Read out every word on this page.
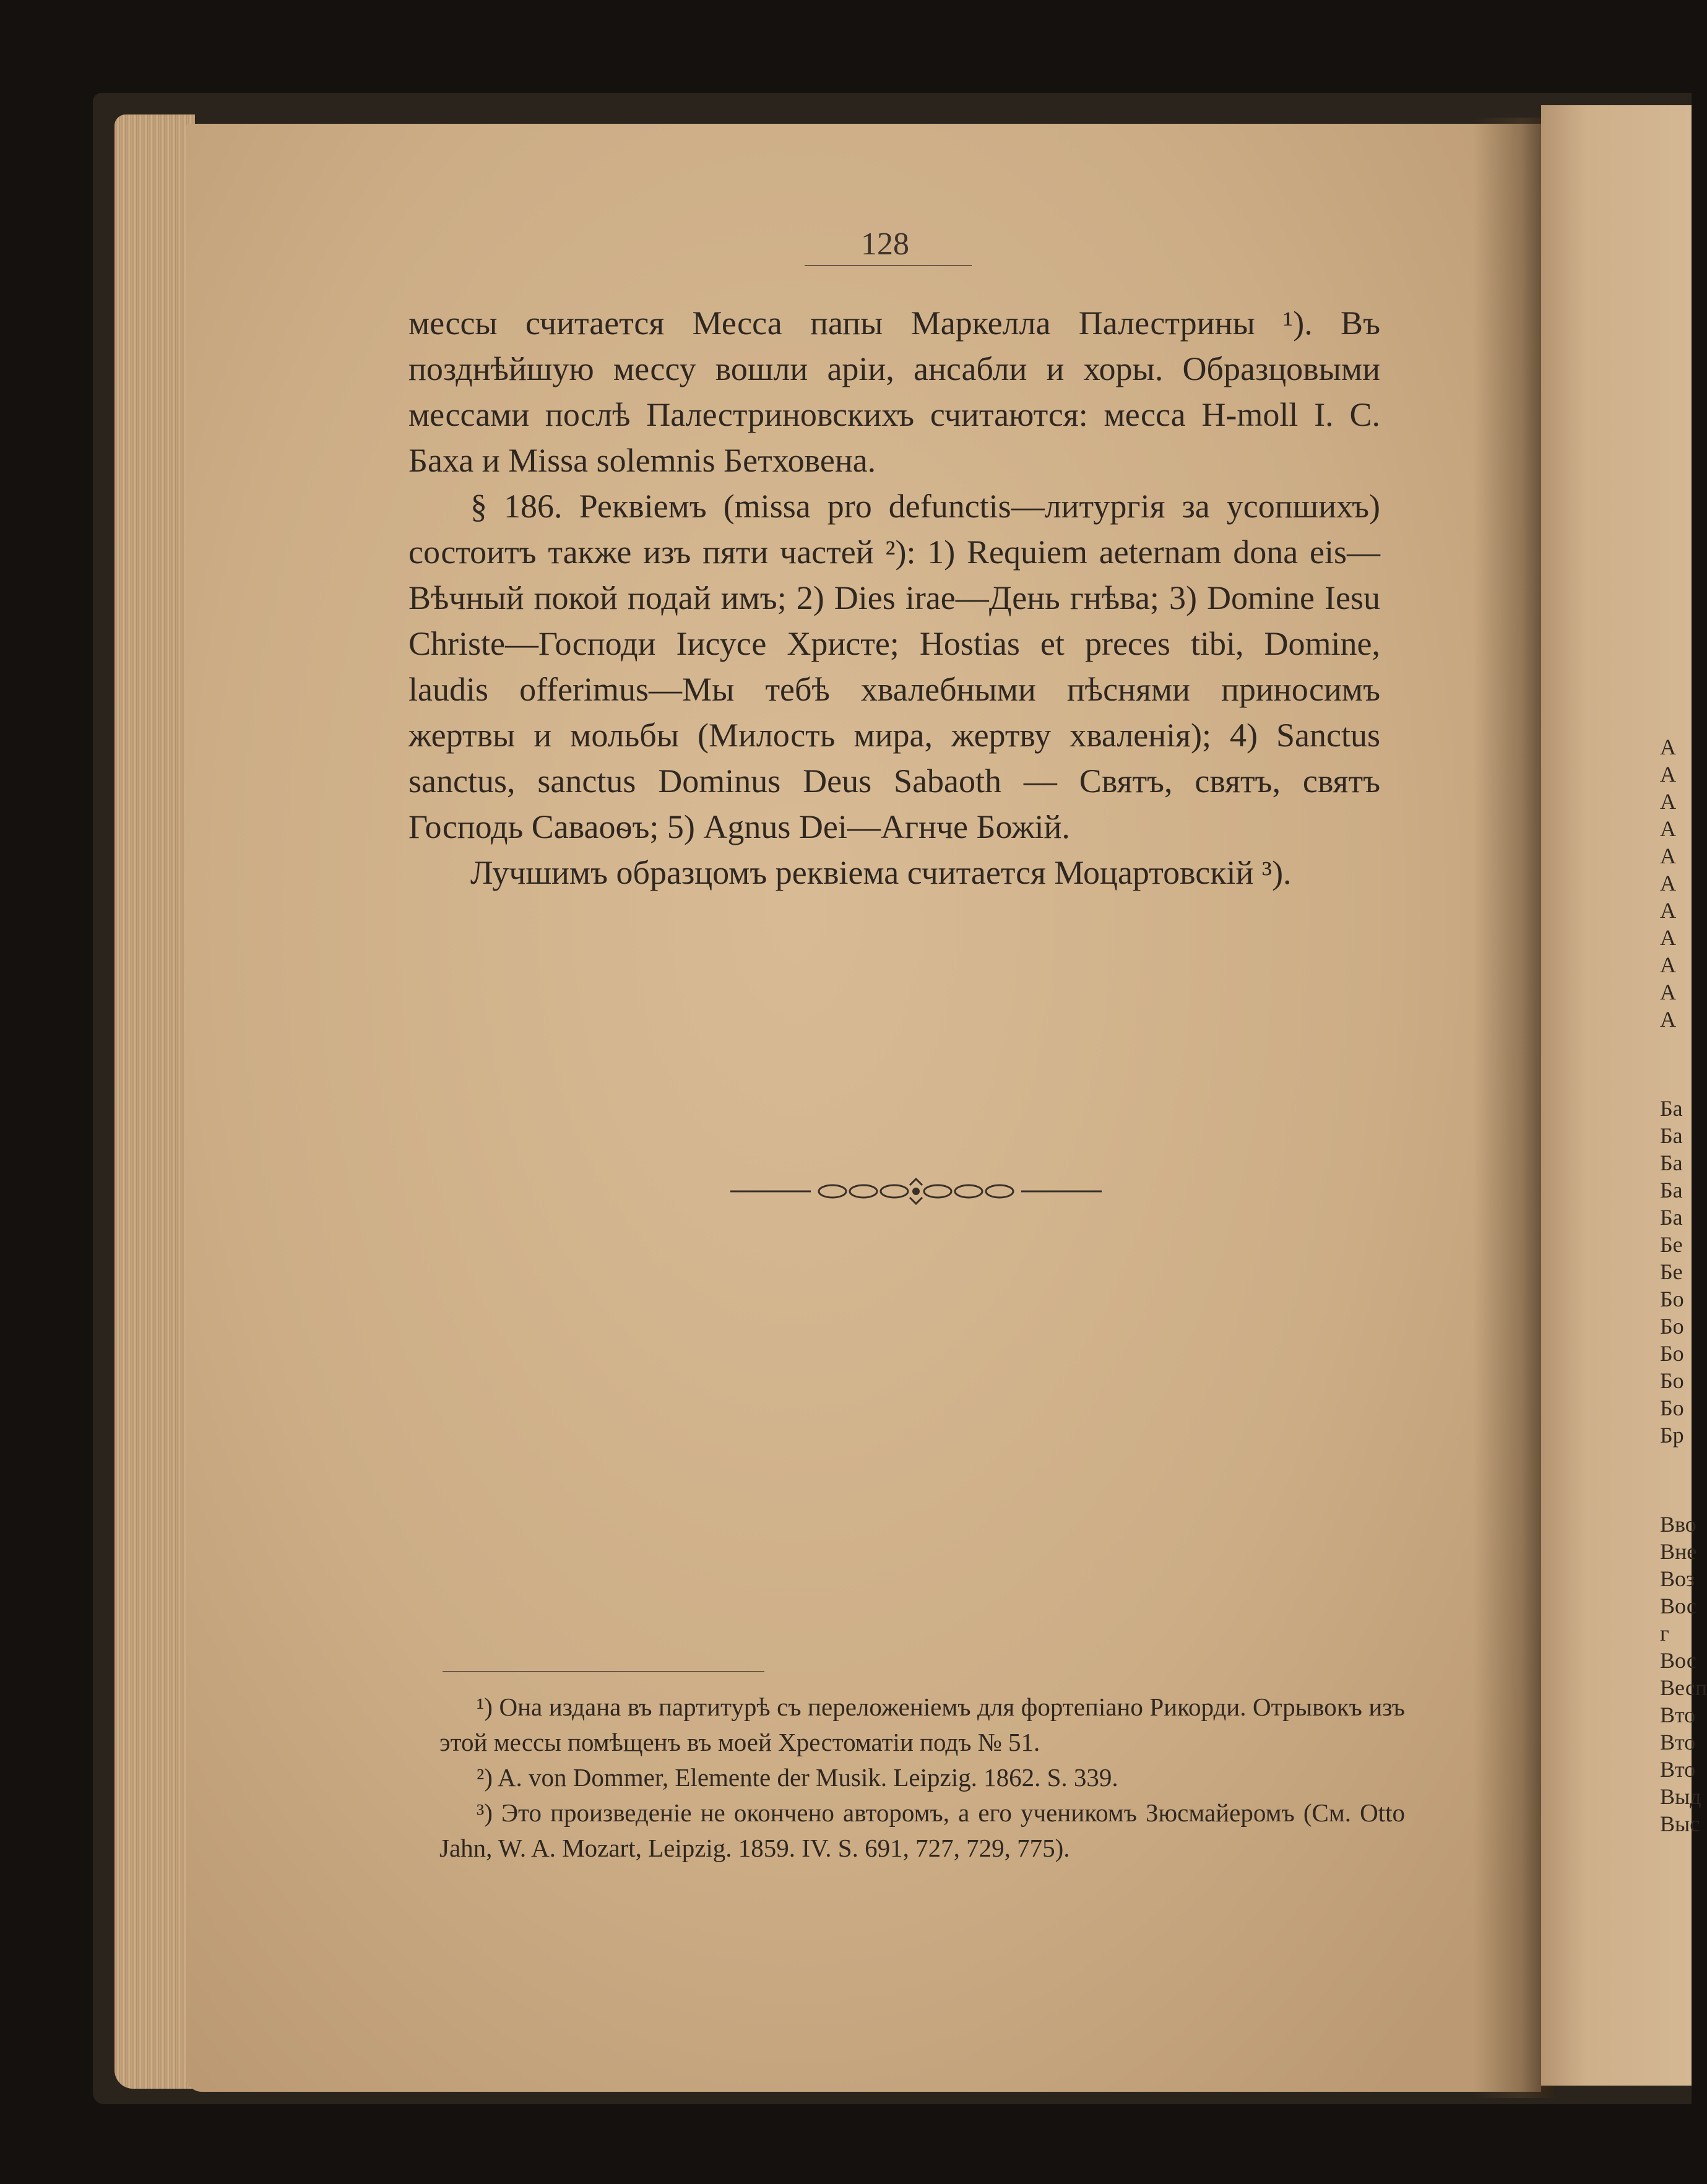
128

мессы считается Месса папы Маркелла Палестрины ¹). Въ позднѣйшую мессу вошли аріи, ансабли и хоры. Образцовыми мессами послѣ Палестриновскихъ считаются: месса H-moll І. С. Баха и Missa solemnis Бетховена.

§ 186. Реквіемъ (missa pro defunctis—литургія за усопшихъ) состоитъ также изъ пяти частей ²): 1) Requiem aeternam dona eis—Вѣчный покой подай имъ; 2) Dies irae—День гнѣва; 3) Domine Iesu Christe—Господи Іисусе Христе; Hostias et preces tibi, Domine, laudis offerimus—Мы тебѣ хвалебными пѣснями приносимъ жертвы и мольбы (Милость мира, жертву хваленія); 4) Sanctus sanctus, sanctus Dominus Deus Sabaoth — Святъ, святъ, святъ Господь Саваоѳъ; 5) Agnus Dei—Агнче Божій.

Лучшимъ образцомъ реквіема считается Моцартовскій ³).

¹) Она издана въ партитурѣ съ переложеніемъ для фортепіано Рикорди. Отрывокъ изъ этой мессы помѣщенъ въ моей Хрестоматіи подъ № 51.

²) A. von Dommer, Elemente der Musik. Leipzig. 1862. S. 339.

³) Это произведеніе не окончено авторомъ, а его ученикомъ Зюсмайеромъ (См. Otto Jahn, W. A. Mozart, Leipzig. 1859. IV. S. 691, 727, 729, 775).

А
А
А
А
А
А
А
А
А
А
А
Ба
Ба
Ба
Ба
Ба
Бе
Бе
Бо
Бо
Бо
Бо
Бо
Бр
Вво
Вне
Воз
Вос
г
Вос
Весп
Вто
Вто
Вто
Выд
Выс
